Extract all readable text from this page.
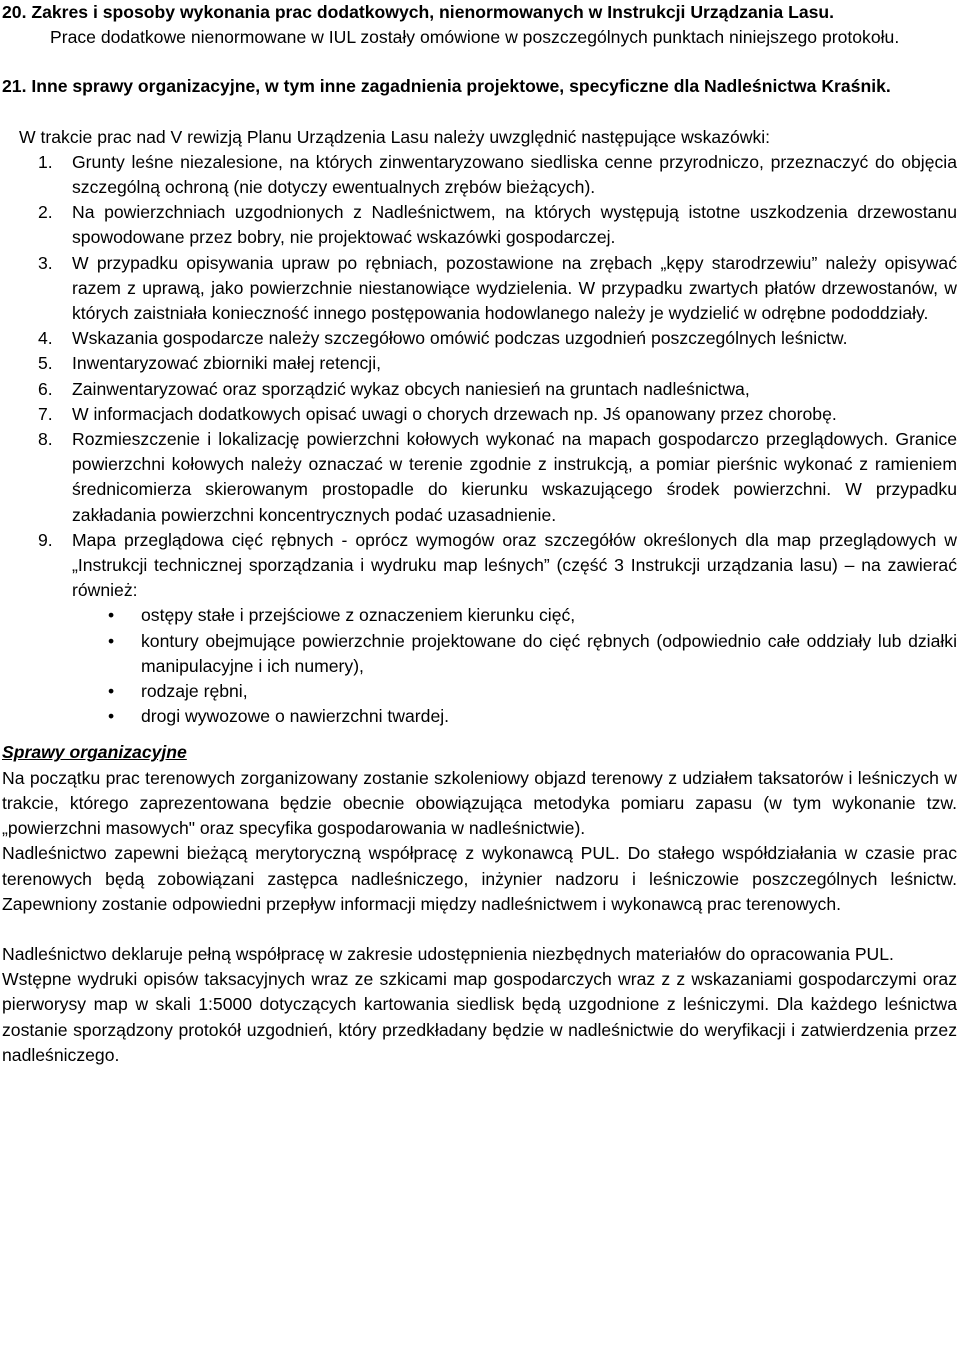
20. Zakres i sposoby wykonania prac dodatkowych, nienormowanych w Instrukcji Urządzania Lasu.

Prace dodatkowe nienormowane w IUL zostały omówione w poszczególnych punktach niniejszego protokołu.

21. Inne sprawy organizacyjne, w tym inne zagadnienia projektowe, specyficzne dla Nadleśnictwa Kraśnik.

W trakcie prac nad V rewizją Planu Urządzenia Lasu należy uwzględnić następujące wskazówki:

1. Grunty leśne niezalesione, na których zinwentaryzowano siedliska cenne przyrodniczo, przeznaczyć do objęcia szczególną ochroną (nie dotyczy ewentualnych zrębów bieżących).
2. Na powierzchniach uzgodnionych z Nadleśnictwem, na których występują istotne uszkodzenia drzewostanu spowodowane przez bobry, nie projektować wskazówki gospodarczej.
3. W przypadku opisywania upraw po rębniach, pozostawione na zrębach „kępy starodrzewiu” należy opisywać razem z uprawą, jako powierzchnie niestanowiące wydzielenia. W przypadku zwartych płatów drzewostanów, w których zaistniała konieczność innego postępowania hodowlanego należy je wydzielić w odrębne pododdziały.
4. Wskazania gospodarcze należy szczegółowo omówić podczas uzgodnień poszczególnych leśnictw.
5. Inwentaryzować zbiorniki małej retencji,
6. Zainwentaryzować oraz sporządzić wykaz obcych naniesień na gruntach nadleśnictwa,
7. W informacjach dodatkowych opisać uwagi o chorych drzewach np. Jś opanowany przez chorobę.
8. Rozmieszczenie i lokalizację powierzchni kołowych wykonać na mapach gospodarczo przeglądowych. Granice powierzchni kołowych należy oznaczać w terenie zgodnie z instrukcją, a pomiar pierśnic wykonać z ramieniem średnicomierza skierowanym prostopadle do kierunku wskazującego środek powierzchni. W przypadku zakładania powierzchni koncentrycznych podać uzasadnienie.
9. Mapa przeglądowa cięć rębnych - oprócz wymogów oraz szczegółów określonych dla map przeglądowych w „Instrukcji technicznej sporządzania i wydruku map leśnych” (część 3 Instrukcji urządzania lasu) – na zawierać również:
• ostępy stałe i przejściowe z oznaczeniem kierunku cięć,
• kontury obejmujące powierzchnie projektowane do cięć rębnych (odpowiednio całe oddziały lub działki manipulacyjne i ich numery),
• rodzaje rębni,
• drogi wywozowe o nawierzchni twardej.

Sprawy organizacyjne

Na początku prac terenowych zorganizowany zostanie szkoleniowy objazd terenowy z udziałem taksatorów i leśniczych w trakcie, którego zaprezentowana będzie obecnie obowiązująca metodyka pomiaru zapasu (w tym wykonanie tzw. „powierzchni masowych" oraz specyfika gospodarowania w nadleśnictwie).

Nadleśnictwo zapewni bieżącą merytoryczną współpracę z wykonawcą PUL. Do stałego współdziałania w czasie prac terenowych będą zobowiązani zastępca nadleśniczego, inżynier nadzoru i leśniczowie poszczególnych leśnictw. Zapewniony zostanie odpowiedni przepływ informacji między nadleśnictwem i wykonawcą prac terenowych.

Nadleśnictwo deklaruje pełną współpracę w zakresie udostępnienia niezbędnych materiałów do opracowania PUL.

Wstępne wydruki opisów taksacyjnych wraz ze szkicami map gospodarczych wraz z z wskazaniami gospodarczymi oraz pierworysy map w skali 1:5000 dotyczących kartowania siedlisk będą uzgodnione z leśniczymi. Dla każdego leśnictwa zostanie sporządzony protokół uzgodnień, który przedkładany będzie w nadleśnictwie do weryfikacji i zatwierdzenia przez nadleśniczego.
